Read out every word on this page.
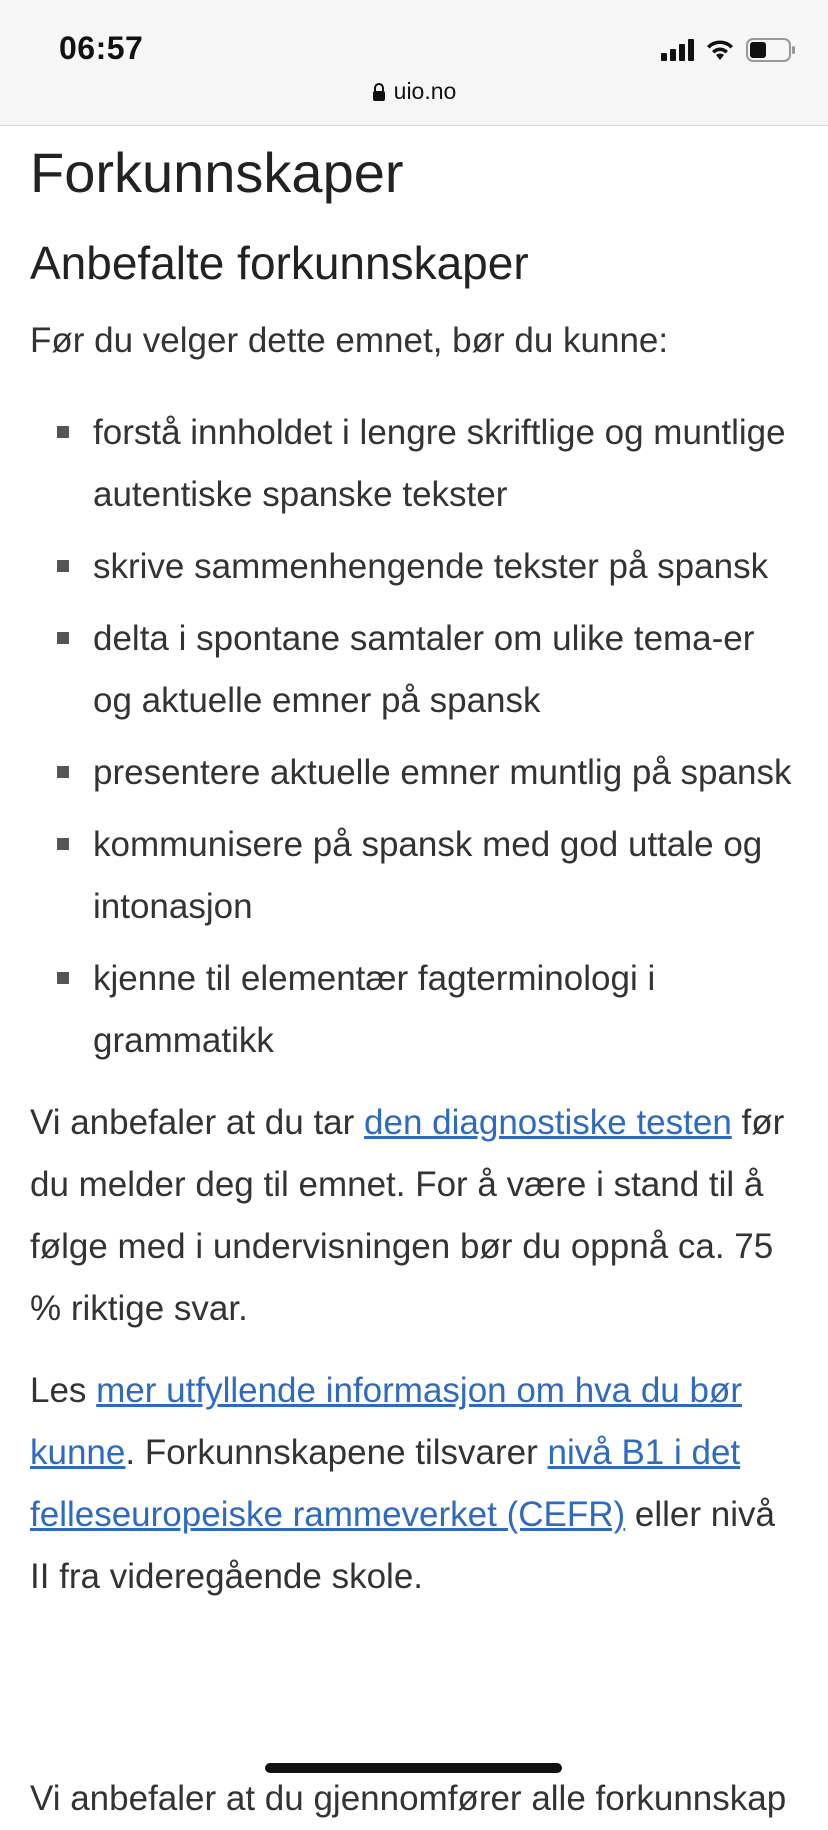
06:57
uio.no
Forkunnskaper
Anbefalte forkunnskaper

Før du velger dette emnet, bør du kunne:

forstå innholdet i lengre skriftlige og muntlige autentiske spanske tekster
skrive sammenhengende tekster på spansk
delta i spontane samtaler om ulike tema-er og aktuelle emner på spansk
presentere aktuelle emner muntlig på spansk
kommunisere på spansk med god uttale og intonasjon
kjenne til elementær fagterminologi i grammatikk

Vi anbefaler at du tar den diagnostiske testen før du melder deg til emnet. For å være i stand til å følge med i undervisningen bør du oppnå ca. 75 % riktige svar.

Les mer utfyllende informasjon om hva du bør kunne. Forkunnskapene tilsvarer nivå B1 i det felleseuropeiske rammeverket (CEFR) eller nivå II fra videregående skole.

Vi anbefaler at du gjennomfører alle forkunnskap
